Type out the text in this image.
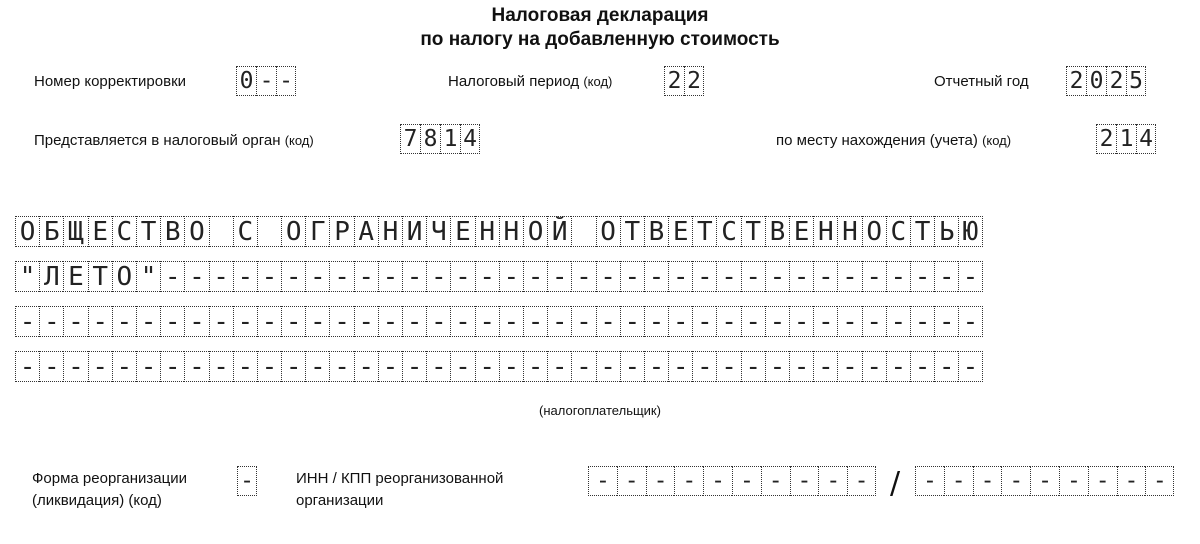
Налоговая декларация
по налогу на добавленную стоимость
Номер корректировки 0 - -	Налоговый период (код) 2 2	Отчетный год 2 0 2 5
Представляется в налоговый орган (код)	7 8 1 4	по месту нахождения (учета) (код)	2 1 4
О Б Щ Е С Т В О
С
О Г Р А Н И Ч Е Н Н О Й
О Т В Е Т С Т В Е Н Н О С Т Ь Ю
" Л Е Т О " - - - - - - - - - - - - - - - - - - - - - - - - - - - - - - - - - -
- - - - - - - - - - - - - - - - - - - - - - - - - - - - - - - - - - - - - - - -
- - - - - - - - - - - - - - - - - - - - - - - - - - - - - - - - - - - - - - - -
(налогоплательщик)
Форма реорганизации
(ликвидация) (код)
-	ИНН / КПП реорганизованной
организации
- - - - - - - - - - / - - - - - - - - -
